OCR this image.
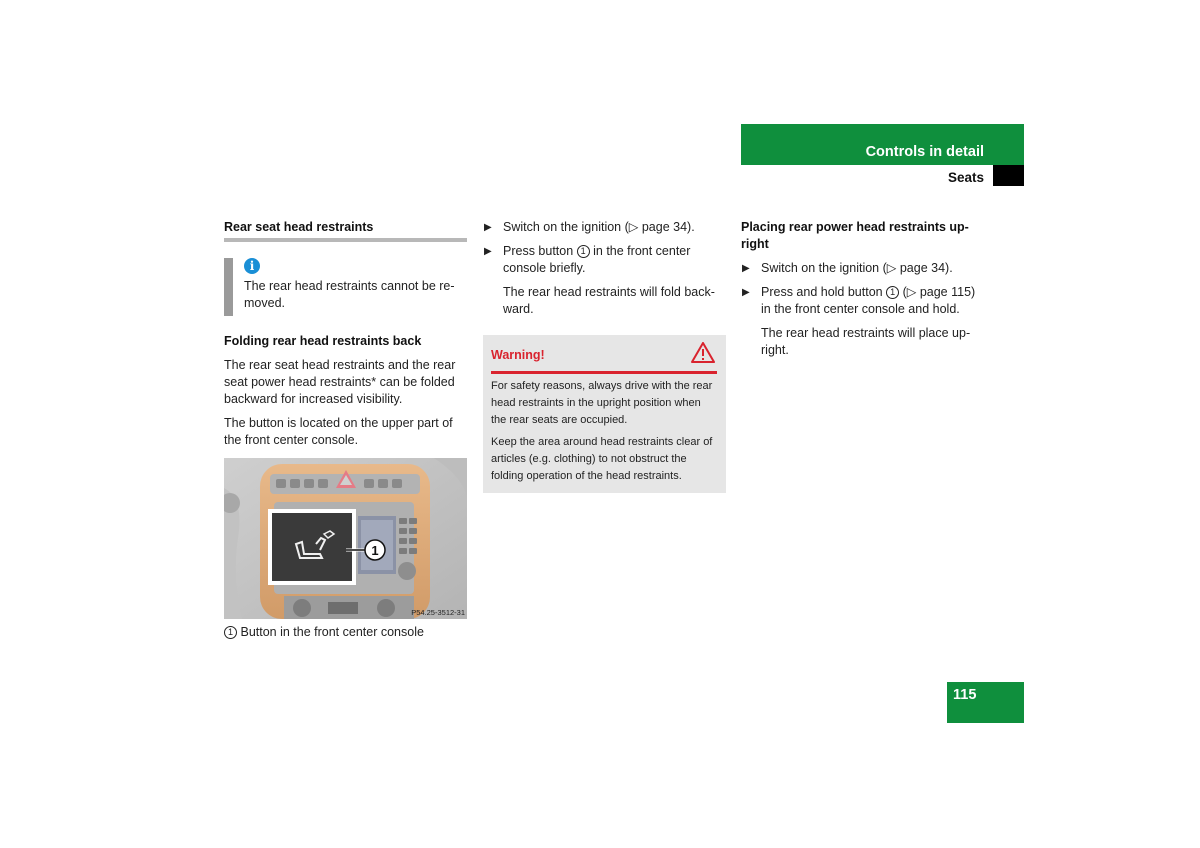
Controls in detail
Seats
Rear seat head restraints
i
The rear head restraints cannot be re-moved.
Folding rear head restraints back

The rear seat head restraints and the rear seat power head restraints* can be folded backward for increased visibility.

The button is located on the upper part of the front center console.

1
P54.25-3512-31

1 Button in the front center console

▶ Switch on the ignition (▷ page 34).
▶ Press button 1 in the front center console briefly.

The rear head restraints will fold back-ward.

Warning!

For safety reasons, always drive with the rear head restraints in the upright position when the rear seats are occupied.

Keep the area around head restraints clear of articles (e.g. clothing) to not obstruct the folding operation of the head restraints.

Placing rear power head restraints up-right
▶ Switch on the ignition (▷ page 34).
▶ Press and hold button 1 (▷ page 115) in the front center console and hold.

The rear head restraints will place up-right.

115
